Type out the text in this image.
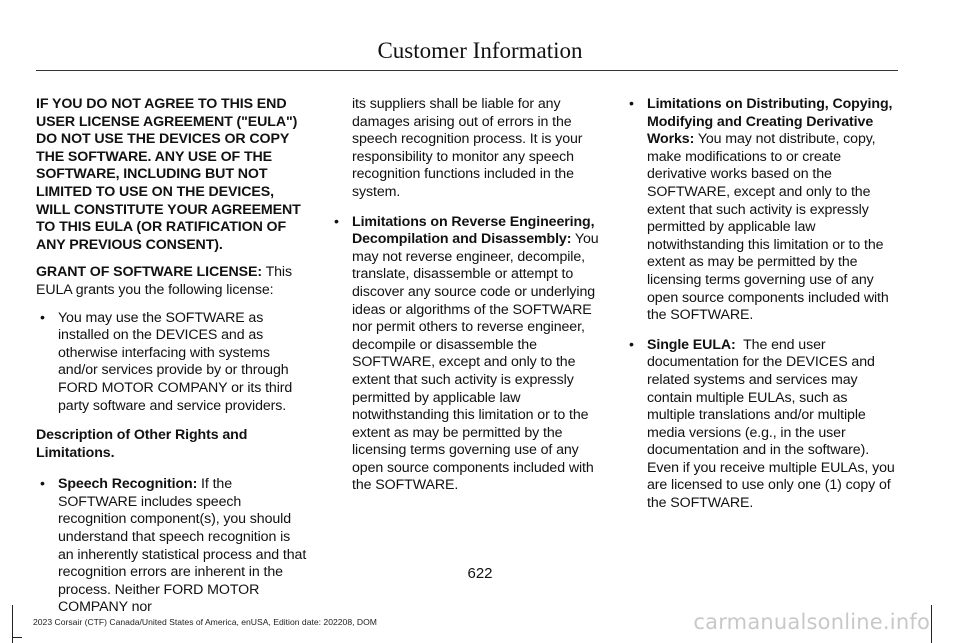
Customer Information

IF YOU DO NOT AGREE TO THIS END USER LICENSE AGREEMENT ("EULA") DO NOT USE THE DEVICES OR COPY THE SOFTWARE. ANY USE OF THE SOFTWARE, INCLUDING BUT NOT LIMITED TO USE ON THE DEVICES, WILL CONSTITUTE YOUR AGREEMENT TO THIS EULA (OR RATIFICATION OF ANY PREVIOUS CONSENT).

GRANT OF SOFTWARE LICENSE: This EULA grants you the following license:

• You may use the SOFTWARE as installed on the DEVICES and as otherwise interfacing with systems and/or services provide by or through FORD MOTOR COMPANY or its third party software and service providers.

Description of Other Rights and Limitations.

• Speech Recognition: If the SOFTWARE includes speech recognition component(s), you should understand that speech recognition is an inherently statistical process and that recognition errors are inherent in the process. Neither FORD MOTOR COMPANY nor

its suppliers shall be liable for any damages arising out of errors in the speech recognition process. It is your responsibility to monitor any speech recognition functions included in the system.

• Limitations on Reverse Engineering, Decompilation and Disassembly: You may not reverse engineer, decompile, translate, disassemble or attempt to discover any source code or underlying ideas or algorithms of the SOFTWARE nor permit others to reverse engineer, decompile or disassemble the SOFTWARE, except and only to the extent that such activity is expressly permitted by applicable law notwithstanding this limitation or to the extent as may be permitted by the licensing terms governing use of any open source components included with the SOFTWARE.
• Limitations on Distributing, Copying, Modifying and Creating Derivative Works: You may not distribute, copy, make modifications to or create derivative works based on the SOFTWARE, except and only to the extent that such activity is expressly permitted by applicable law notwithstanding this limitation or to the extent as may be permitted by the licensing terms governing use of any open source components included with the SOFTWARE.
• Single EULA:  The end user documentation for the DEVICES and related systems and services may contain multiple EULAs, such as multiple translations and/or multiple media versions (e.g., in the user documentation and in the software). Even if you receive multiple EULAs, you are licensed to use only one (1) copy of the SOFTWARE.
622
2023 Corsair (CTF) Canada/United States of America, enUSA, Edition date: 202208, DOM	carmanualsonline.info
